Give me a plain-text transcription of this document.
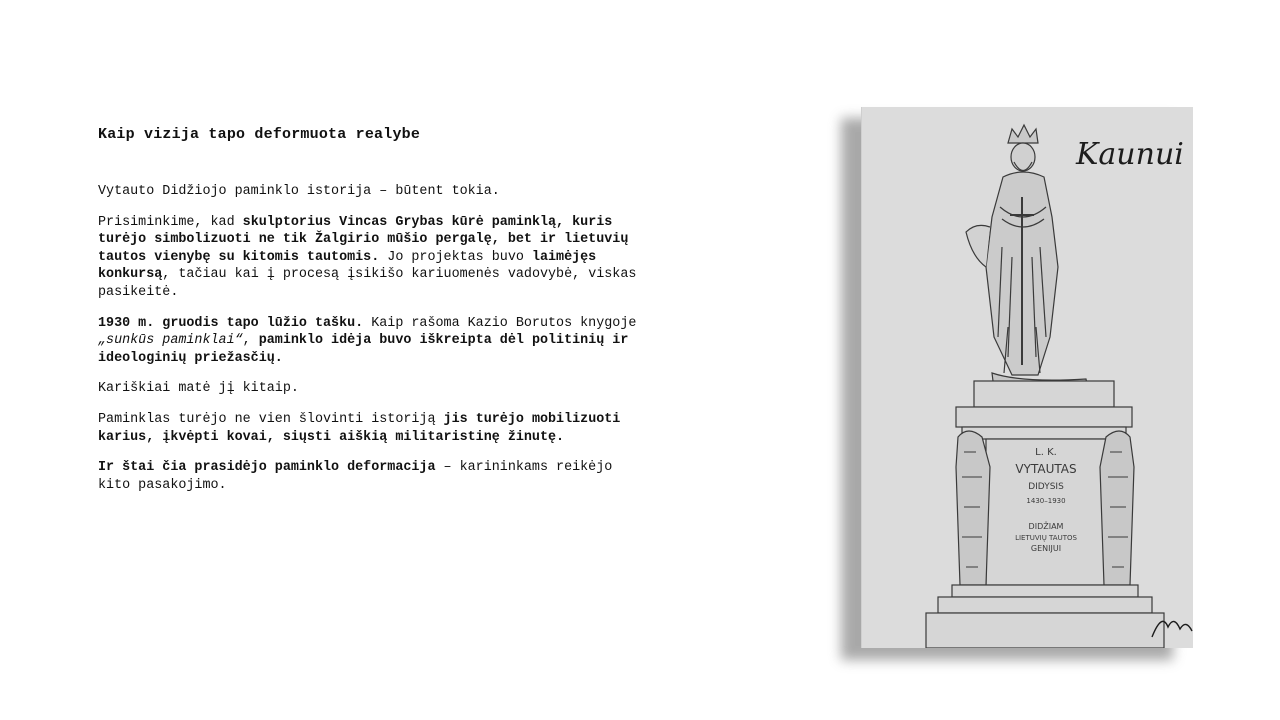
Kaip vizija tapo deformuota realybe

Vytauto Didžiojo paminklo istorija – būtent tokia.

Prisiminkime, kad skulptorius Vincas Grybas kūrė paminklą, kuris turėjo simbolizuoti ne tik Žalgirio mūšio pergalę, bet ir lietuvių tautos vienybę su kitomis tautomis. Jo projektas buvo laimėjęs konkursą, tačiau kai į procesą įsikišo kariuomenės vadovybė, viskas pasikeitė.

1930 m. gruodis tapo lūžio tašku. Kaip rašoma Kazio Borutos knygoje „sunkūs paminklai“, paminklo idėja buvo iškreipta dėl politinių ir ideologinių priežasčių.

Kariškiai matė jį kitaip.

Paminklas turėjo ne vien šlovinti istoriją jis turėjo mobilizuoti karius, įkvėpti kovai, siųsti aiškią militaristinę žinutę.

Ir štai čia prasidėjo paminklo deformacija – karininkams reikėjo kito pasakojimo.

Kaunui
L. K.
VYTAUTAS
DIDYSIS
1430–1930
DIDŽIAM
LIETUVIŲ TAUTOS
GENIJUI
